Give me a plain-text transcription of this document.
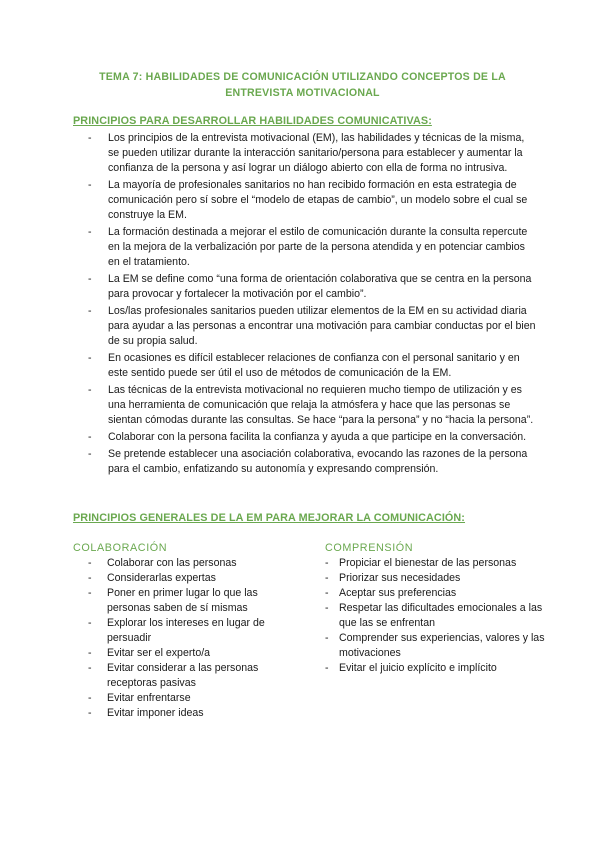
TEMA 7: HABILIDADES DE COMUNICACIÓN UTILIZANDO CONCEPTOS DE LA ENTREVISTA MOTIVACIONAL
PRINCIPIOS PARA DESARROLLAR HABILIDADES COMUNICATIVAS:
- Los principios de la entrevista motivacional (EM), las habilidades y técnicas de la misma, se pueden utilizar durante la interacción sanitario/persona para establecer y aumentar la confianza de la persona y así lograr un diálogo abierto con ella de forma no intrusiva.
- La mayoría de profesionales sanitarios no han recibido formación en esta estrategia de comunicación pero sí sobre el “modelo de etapas de cambio”, un modelo sobre el cual se construye la EM.
- La formación destinada a mejorar el estilo de comunicación durante la consulta repercute en la mejora de la verbalización por parte de la persona atendida y en potenciar cambios en el tratamiento.
- La EM se define como “una forma de orientación colaborativa que se centra en la persona para provocar y fortalecer la motivación por el cambio”.
- Los/las profesionales sanitarios pueden utilizar elementos de la EM en su actividad diaria para ayudar a las personas a encontrar una motivación para cambiar conductas por el bien de su propia salud.
- En ocasiones es difícil establecer relaciones de confianza con el personal sanitario y en este sentido puede ser útil el uso de métodos de comunicación de la EM.
- Las técnicas de la entrevista motivacional no requieren mucho tiempo de utilización y es una herramienta de comunicación que relaja la atmósfera y hace que las personas se sientan cómodas durante las consultas. Se hace “para la persona” y no “hacia la persona”.
- Colaborar con la persona facilita la confianza y ayuda a que participe en la conversación.
- Se pretende establecer una asociación colaborativa, evocando las razones de la persona para el cambio, enfatizando su autonomía y expresando comprensión.
PRINCIPIOS GENERALES DE LA EM PARA MEJORAR LA COMUNICACIÓN:
COLABORACIÓN
- Colaborar con las personas
- Considerarlas expertas
- Poner en primer lugar lo que las personas saben de sí mismas
- Explorar los intereses en lugar de persuadir
- Evitar ser el experto/a
- Evitar considerar a las personas receptoras pasivas
- Evitar enfrentarse
- Evitar imponer ideas
COMPRENSIÓN
- Propiciar el bienestar de las personas
- Priorizar sus necesidades
- Aceptar sus preferencias
- Respetar las dificultades emocionales a las que las se enfrentan
- Comprender sus experiencias, valores y las motivaciones
- Evitar el juicio explícito e implícito
